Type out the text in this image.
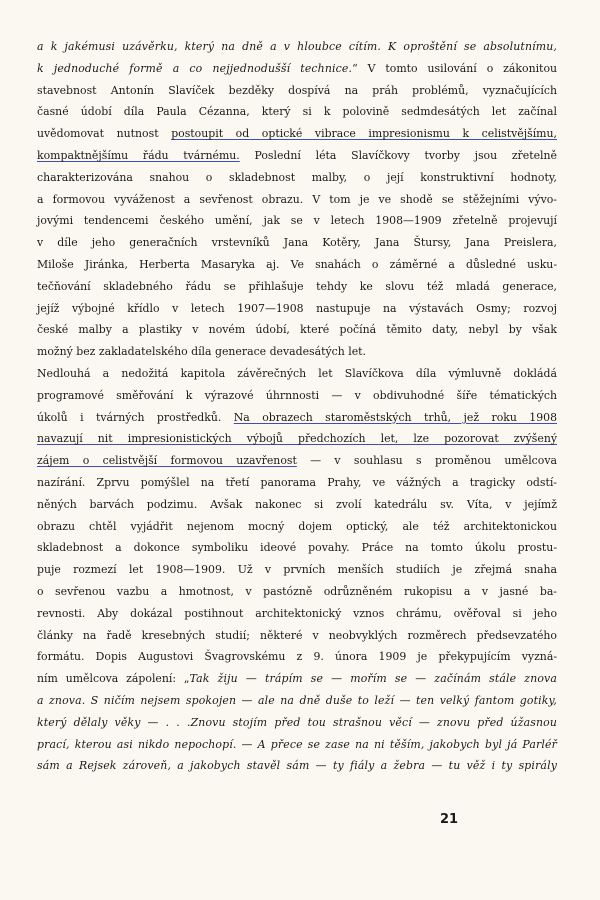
a k jakémusi uzávěrku, který na dně a v hloubce cítím. K oproštění se absolutnímu,
k jednoduché formě a co nejjednodušší technice.“ V tomto usilování o zákonitou
stavebnost Antonín Slavíček bezděky dospívá na práh problémů, vyznačujících
časné údobí díla Paula Cézanna, který si k polovině sedmdesátých let začínal
uvědomovat nutnost postoupit od optické vibrace impresionismu k celistvějšímu,
kompaktnějšímu řádu tvárnému. Poslední léta Slavíčkovy tvorby jsou zřetelně
charakterizována snahou o skladebnost malby, o její konstruktivní hodnoty,
a formovou vyváženost a sevřenost obrazu. V tom je ve shodě se stěžejními vývo-
jovými tendencemi českého umění, jak se v letech 1908—1909 zřetelně projevují
v díle jeho generačních vrstevníků Jana Kotěry, Jana Štursy, Jana Preislera,
Miloše Jiránka, Herberta Masaryka aj. Ve snahách o záměrné a důsledné usku-
tečňování skladebného řádu se přihlašuje tehdy ke slovu též mladá generace,
jejíž výbojné křídlo v letech 1907—1908 nastupuje na výstavách Osmy; rozvoj
české malby a plastiky v novém údobí, které počíná těmito daty, nebyl by však
možný bez zakladatelského díla generace devadesátých let.
Nedlouhá a nedožitá kapitola závěrečných let Slavíčkova díla výmluvně dokládá
programové směřování k výrazové úhrnnosti — v obdivuhodné šíře tématických
úkolů i tvárných prostředků. Na obrazech staroměstských trhů, jež roku 1908
navazují nit impresionistických výbojů předchozích let, lze pozorovat zvýšený
zájem o celistvější formovou uzavřenost — v souhlasu s proměnou umělcova
nazírání. Zprvu pomýšlel na třetí panorama Prahy, ve vážných a tragicky odstí-
něných barvách podzimu. Avšak nakonec si zvolí katedrálu sv. Víta, v jejímž
obrazu chtěl vyjádřit nejenom mocný dojem optický, ale též architektonickou
skladebnost a dokonce symboliku ideové povahy. Práce na tomto úkolu prostu-
puje rozmezí let 1908—1909. Už v prvních menších studiích je zřejmá snaha
o sevřenou vazbu a hmotnost, v pastózně odrůzněném rukopisu a v jasné ba-
revnosti. Aby dokázal postihnout architektonický vznos chrámu, ověřoval si jeho
články na řadě kresebných studií; některé v neobvyklých rozměrech předsevzatého
formátu. Dopis Augustovi Švagrovskému z 9. února 1909 je překypujícím vyzná-
ním umělcova zápolení: „Tak žiju — trápím se — mořím se — začínám stále znova
a znova. S ničím nejsem spokojen — ale na dně duše to leží — ten velký fantom gotiky,
který dělaly věky — . . .Znovu stojím před tou strašnou věcí — znovu před úžasnou
prací, kterou asi nikdo nepochopí. — A přece se zase na ni těším, jakobych byl já Parléř
sám a Rejsek zároveň, a jakobych stavěl sám — ty fiály a žebra — tu věž i ty spirály
21
